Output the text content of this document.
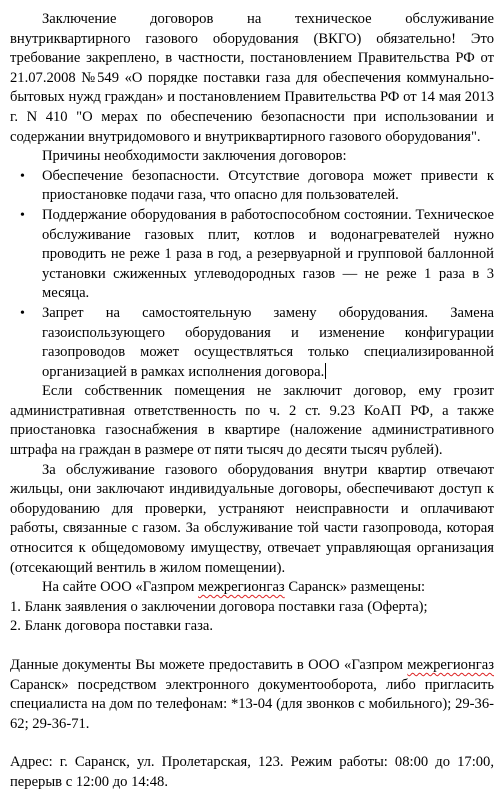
Заключение договоров на техническое обслуживание внутриквартирного газового оборудования (ВКГО) обязательно! Это требование закреплено, в частности, постановлением Правительства РФ от 21.07.2008 №549 «О порядке поставки газа для обеспечения коммунально-бытовых нужд граждан» и постановлением Правительства РФ от 14 мая 2013 г. N 410 "О мерах по обеспечению безопасности при использовании и содержании внутридомового и внутриквартирного газового оборудования".

Причины необходимости заключения договоров:

• Обеспечение безопасности. Отсутствие договора может привести к приостановке подачи газа, что опасно для пользователей.
• Поддержание оборудования в работоспособном состоянии. Техническое обслуживание газовых плит, котлов и водонагревателей нужно проводить не реже 1 раза в год, а резервуарной и групповой баллонной установки сжиженных углеводородных газов — не реже 1 раза в 3 месяца.
• Запрет на самостоятельную замену оборудования. Замена газоиспользующего оборудования и изменение конфигурации газопроводов может осуществляться только специализированной организацией в рамках исполнения договора.

Если собственник помещения не заключит договор, ему грозит административная ответственность по ч. 2 ст. 9.23 КоАП РФ, а также приостановка газоснабжения в квартире (наложение административного штрафа на граждан в размере от пяти тысяч до десяти тысяч рублей).

За обслуживание газового оборудования внутри квартир отвечают жильцы, они заключают индивидуальные договоры, обеспечивают доступ к оборудованию для проверки, устраняют неисправности и оплачивают работы, связанные с газом. За обслуживание той части газопровода, которая относится к общедомовому имуществу, отвечает управляющая организация (отсекающий вентиль в жилом помещении).

На сайте ООО «Газпром межрегионгаз Саранск» размещены:

1. Бланк заявления о заключении договора поставки газа (Оферта);

2. Бланк договора поставки газа.

Данные документы Вы можете предоставить в ООО «Газпром межрегионгаз Саранск» посредством электронного документооборота, либо пригласить специалиста на дом по телефонам: *13-04 (для звонков с мобильного); 29-36-62; 29-36-71.

Адрес: г. Саранск, ул. Пролетарская, 123. Режим работы: 08:00 до 17:00, перерыв с 12:00 до 14:48.
